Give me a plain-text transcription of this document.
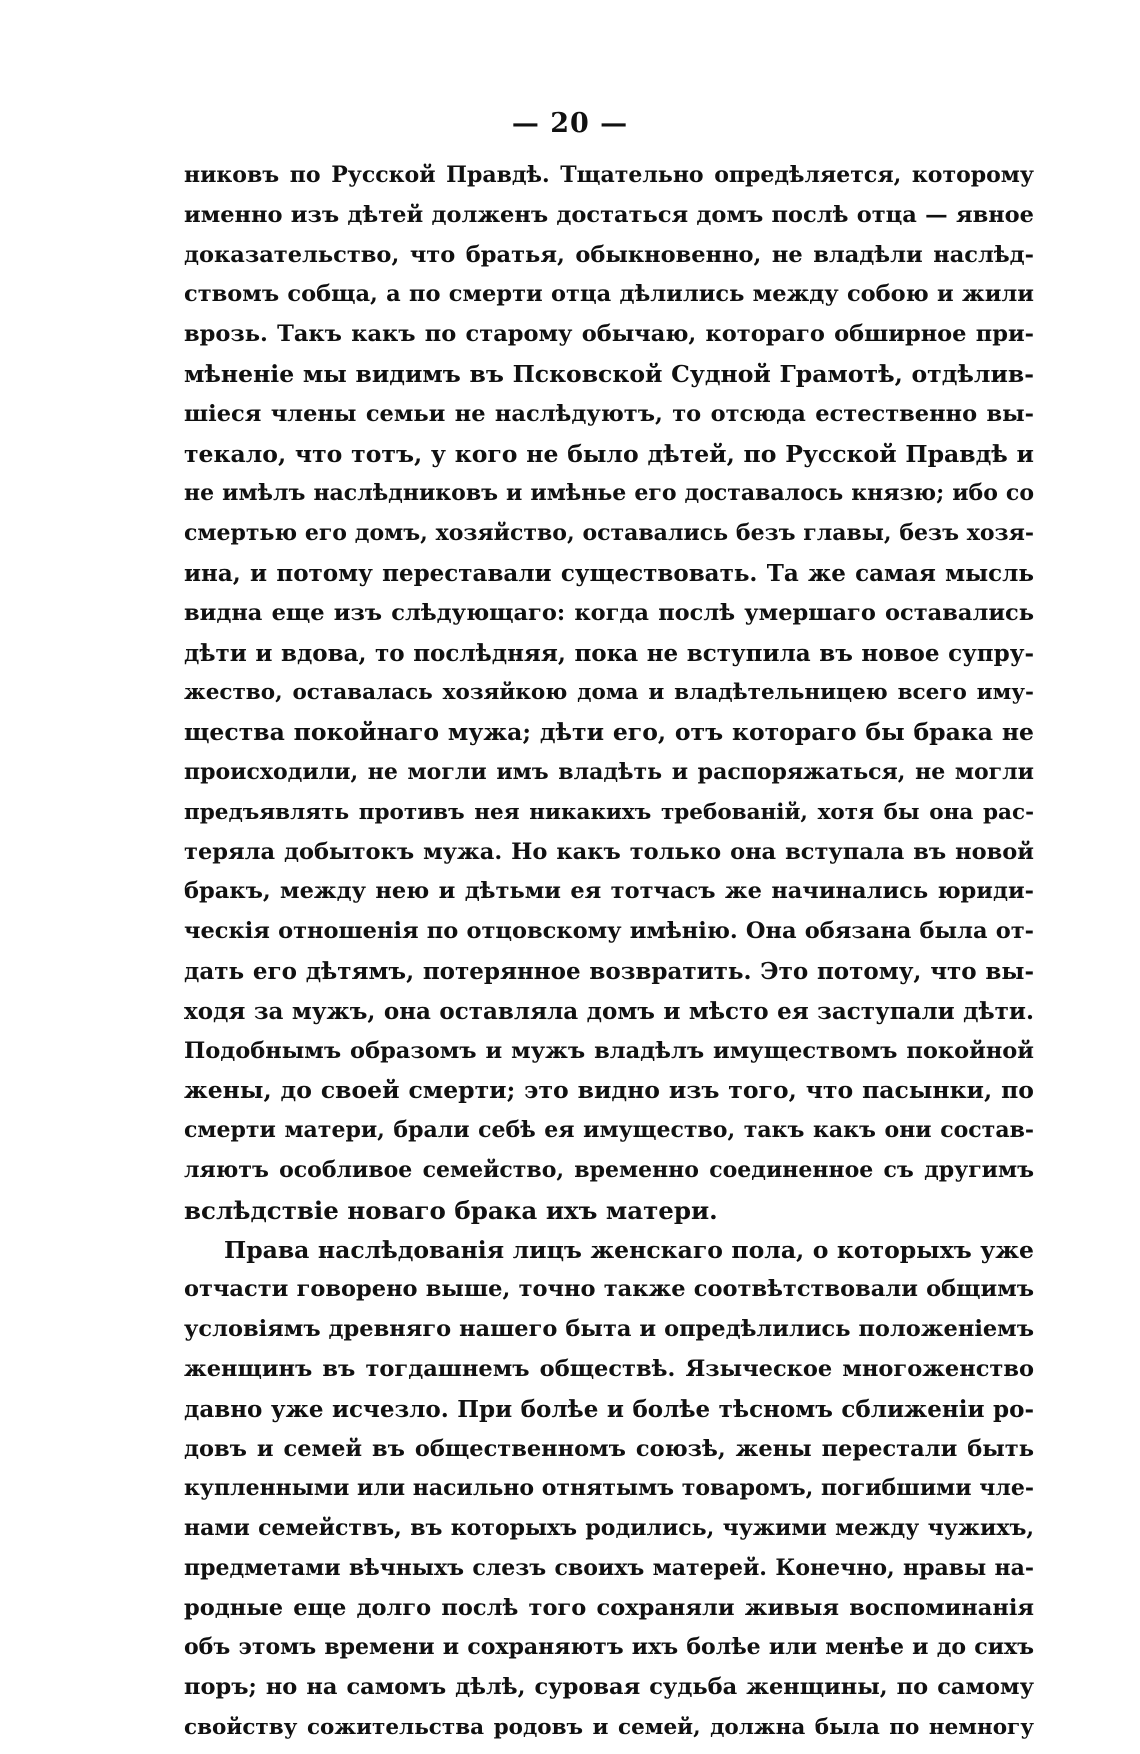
— 20 —
никовъ по Русской Правдѣ. Тщательно опредѣляется, которому
именно изъ дѣтей долженъ достаться домъ послѣ отца — явное
доказательство, что братья, обыкновенно, не владѣли наслѣд-
ствомъ собща, а по смерти отца дѣлились между собою и жили
врозь. Такъ какъ по старому обычаю, котораго обширное при-
мѣненіе мы видимъ въ Псковской Судной Грамотѣ, отдѣлив-
шіеся члены семьи не наслѣдуютъ, то отсюда естественно вы-
текало, что тотъ, у кого не было дѣтей, по Русской Правдѣ и
не имѣлъ наслѣдниковъ и имѣнье его доставалось князю; ибо со
смертью его домъ, хозяйство, оставались безъ главы, безъ хозя-
ина, и потому переставали существовать. Та же самая мысль
видна еще изъ слѣдующаго: когда послѣ умершаго оставались
дѣти и вдова, то послѣдняя, пока не вступила въ новое супру-
жество, оставалась хозяйкою дома и владѣтельницею всего иму-
щества покойнаго мужа; дѣти его, отъ котораго бы брака не
происходили, не могли имъ владѣть и распоряжаться, не могли
предъявлять противъ нея никакихъ требованій, хотя бы она рас-
теряла добытокъ мужа. Но какъ только она вступала въ новой
бракъ, между нею и дѣтьми ея тотчасъ же начинались юриди-
ческія отношенія по отцовскому имѣнію. Она обязана была от-
дать его дѣтямъ, потерянное возвратить. Это потому, что вы-
ходя за мужъ, она оставляла домъ и мѣсто ея заступали дѣти.
Подобнымъ образомъ и мужъ владѣлъ имуществомъ покойной
жены, до своей смерти; это видно изъ того, что пасынки, по
смерти матери, брали себѣ ея имущество, такъ какъ они состав-
ляютъ особливое семейство, временно соединенное съ другимъ
вслѣдствіе новаго брака ихъ матери.
Права наслѣдованія лицъ женскаго пола, о которыхъ уже
отчасти говорено выше, точно также соотвѣтствовали общимъ
условіямъ древняго нашего быта и опредѣлились положеніемъ
женщинъ въ тогдашнемъ обществѣ. Языческое многоженство
давно уже исчезло. При болѣе и болѣе тѣсномъ сближеніи ро-
довъ и семей въ общественномъ союзѣ, жены перестали быть
купленными или насильно отнятымъ товаромъ, погибшими чле-
нами семействъ, въ которыхъ родились, чужими между чужихъ,
предметами вѣчныхъ слезъ своихъ матерей. Конечно, нравы на-
родные еще долго послѣ того сохраняли живыя воспоминанія
объ этомъ времени и сохраняютъ ихъ болѣе или менѣе и до сихъ
поръ; но на самомъ дѣлѣ, суровая судьба женщины, по самому
свойству сожительства родовъ и семей, должна была по немногу
